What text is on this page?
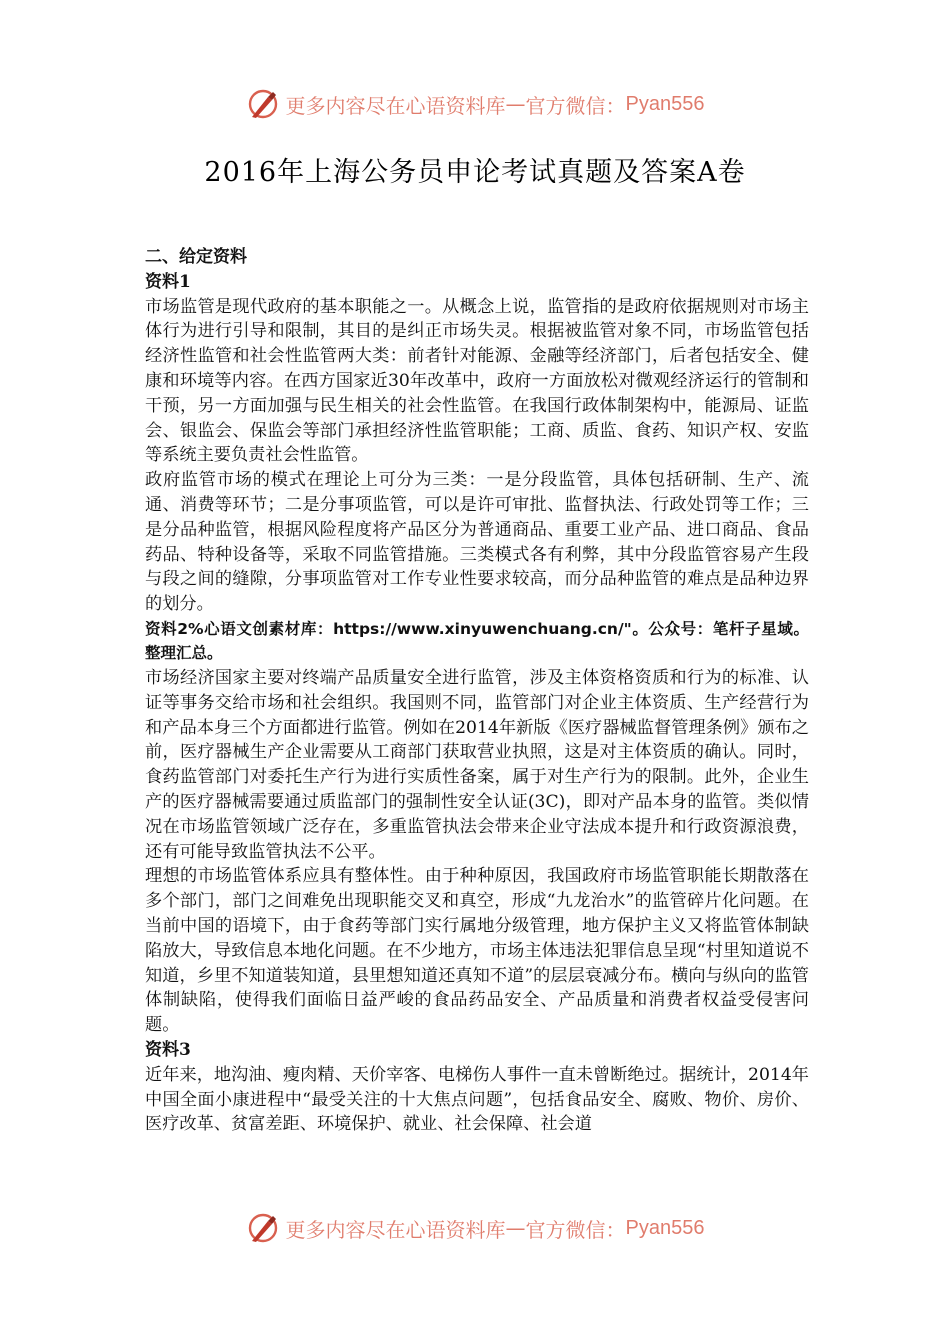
更多内容尽在心语资料库 — 官方微信： Pyan556
2016年上海公务员申论考试真题及答案A卷

二、给定资料

资料1

市场监管是现代政府的基本职能之一。从概念上说，监管指的是政府依据规则对市场主体行为进行引导和限制，其目的是纠正市场失灵。根据被监管对象不同，市场监管包括经济性监管和社会性监管两大类：前者针对能源、金融等经济部门，后者包括安全、健康和环境等内容。在西方国家近30年改革中，政府一方面放松对微观经济运行的管制和干预，另一方面加强与民生相关的社会性监管。在我国行政体制架构中，能源局、证监会、银监会、保监会等部门承担经济性监管职能；工商、质监、食药、知识产权、安监等系统主要负责社会性监管。

政府监管市场的模式在理论上可分为三类：一是分段监管，具体包括研制、生产、流通、消费等环节；二是分事项监管，可以是许可审批、监督执法、行政处罚等工作；三是分品种监管，根据风险程度将产品区分为普通商品、重要工业产品、进口商品、食品药品、特种设备等，采取不同监管措施。三类模式各有利弊，其中分段监管容易产生段与段之间的缝隙，分事项监管对工作专业性要求较高，而分品种监管的难点是品种边界的划分。

资料2%心语文创素材库：https://www.xinyuwenchuang.cn/"。公众号：笔杆子星域。整理汇总。

市场经济国家主要对终端产品质量安全进行监管，涉及主体资格资质和行为的标准、认证等事务交给市场和社会组织。我国则不同，监管部门对企业主体资质、生产经营行为和产品本身三个方面都进行监管。例如在2014年新版《医疗器械监督管理条例》颁布之前，医疗器械生产企业需要从工商部门获取营业执照，这是对主体资质的确认。同时，食药监管部门对委托生产行为进行实质性备案，属于对生产行为的限制。此外，企业生产的医疗器械需要通过质监部门的强制性安全认证(3C)，即对产品本身的监管。类似情况在市场监管领域广泛存在，多重监管执法会带来企业守法成本提升和行政资源浪费，还有可能导致监管执法不公平。

理想的市场监管体系应具有整体性。由于种种原因，我国政府市场监管职能长期散落在多个部门，部门之间难免出现职能交叉和真空，形成“九龙治水”的监管碎片化问题。在当前中国的语境下，由于食药等部门实行属地分级管理，地方保护主义又将监管体制缺陷放大，导致信息本地化问题。在不少地方，市场主体违法犯罪信息呈现“村里知道说不知道，乡里不知道装知道，县里想知道还真知不道”的层层衰减分布。横向与纵向的监管体制缺陷，使得我们面临日益严峻的食品药品安全、产品质量和消费者权益受侵害问题。

资料3

近年来，地沟油、瘦肉精、天价宰客、电梯伤人事件一直未曾断绝过。据统计，2014年中国全面小康进程中“最受关注的十大焦点问题”，包括食品安全、腐败、物价、房价、医疗改革、贫富差距、环境保护、就业、社会保障、社会道

更多内容尽在心语资料库 — 官方微信： Pyan556
